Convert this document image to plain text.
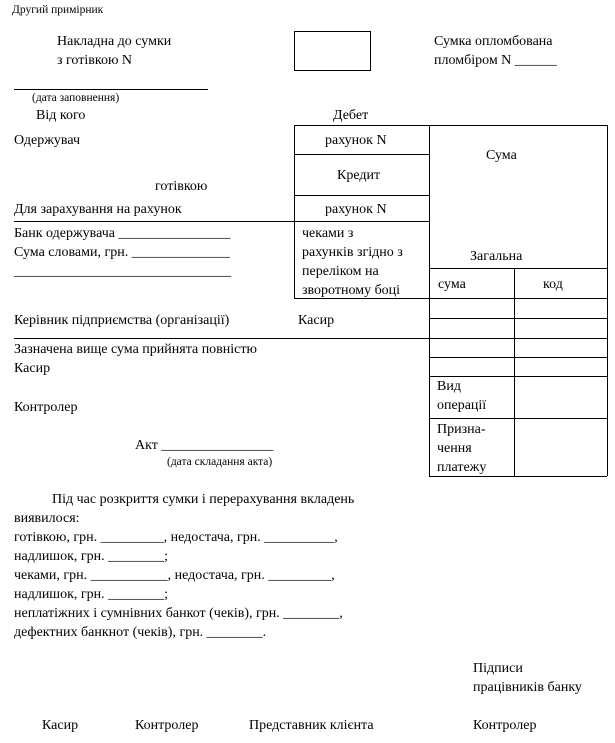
Другий примірник
Накладна до сумки
з готівкою N
Сумка опломбована
пломбіром N ______
(дата заповнення)
Від кого	Дебет
Одержувач	рахунок N
Сума
Кредит
готівкою
Для зарахування на рахунок	рахунок N
Банк одержувача ________________
Сума словами, грн. ______________
_______________________________
чеками з
рахунків згідно з
переліком на
зворотному боці
Загальна
сума	код
Керівник підприємства (організації)	Касир
Зазначена вище сума прийнята повністю
Касир
Контролер
Вид
операції
Призна-
чення
платежу
Акт ________________
(дата складання акта)
Під час розкриття сумки і перерахування вкладень
виявилося:
готівкою, грн. _________, недостача, грн. __________,
надлишок, грн. ________;
чеками, грн. ___________, недостача, грн. _________,
надлишок, грн. ________;
неплатіжних і сумнівних банкот (чеків), грн. ________,
дефектних банкнот (чеків), грн. ________.
Підписи
працівників банку
Касир	Контролер	Представник клієнта	Контролер
